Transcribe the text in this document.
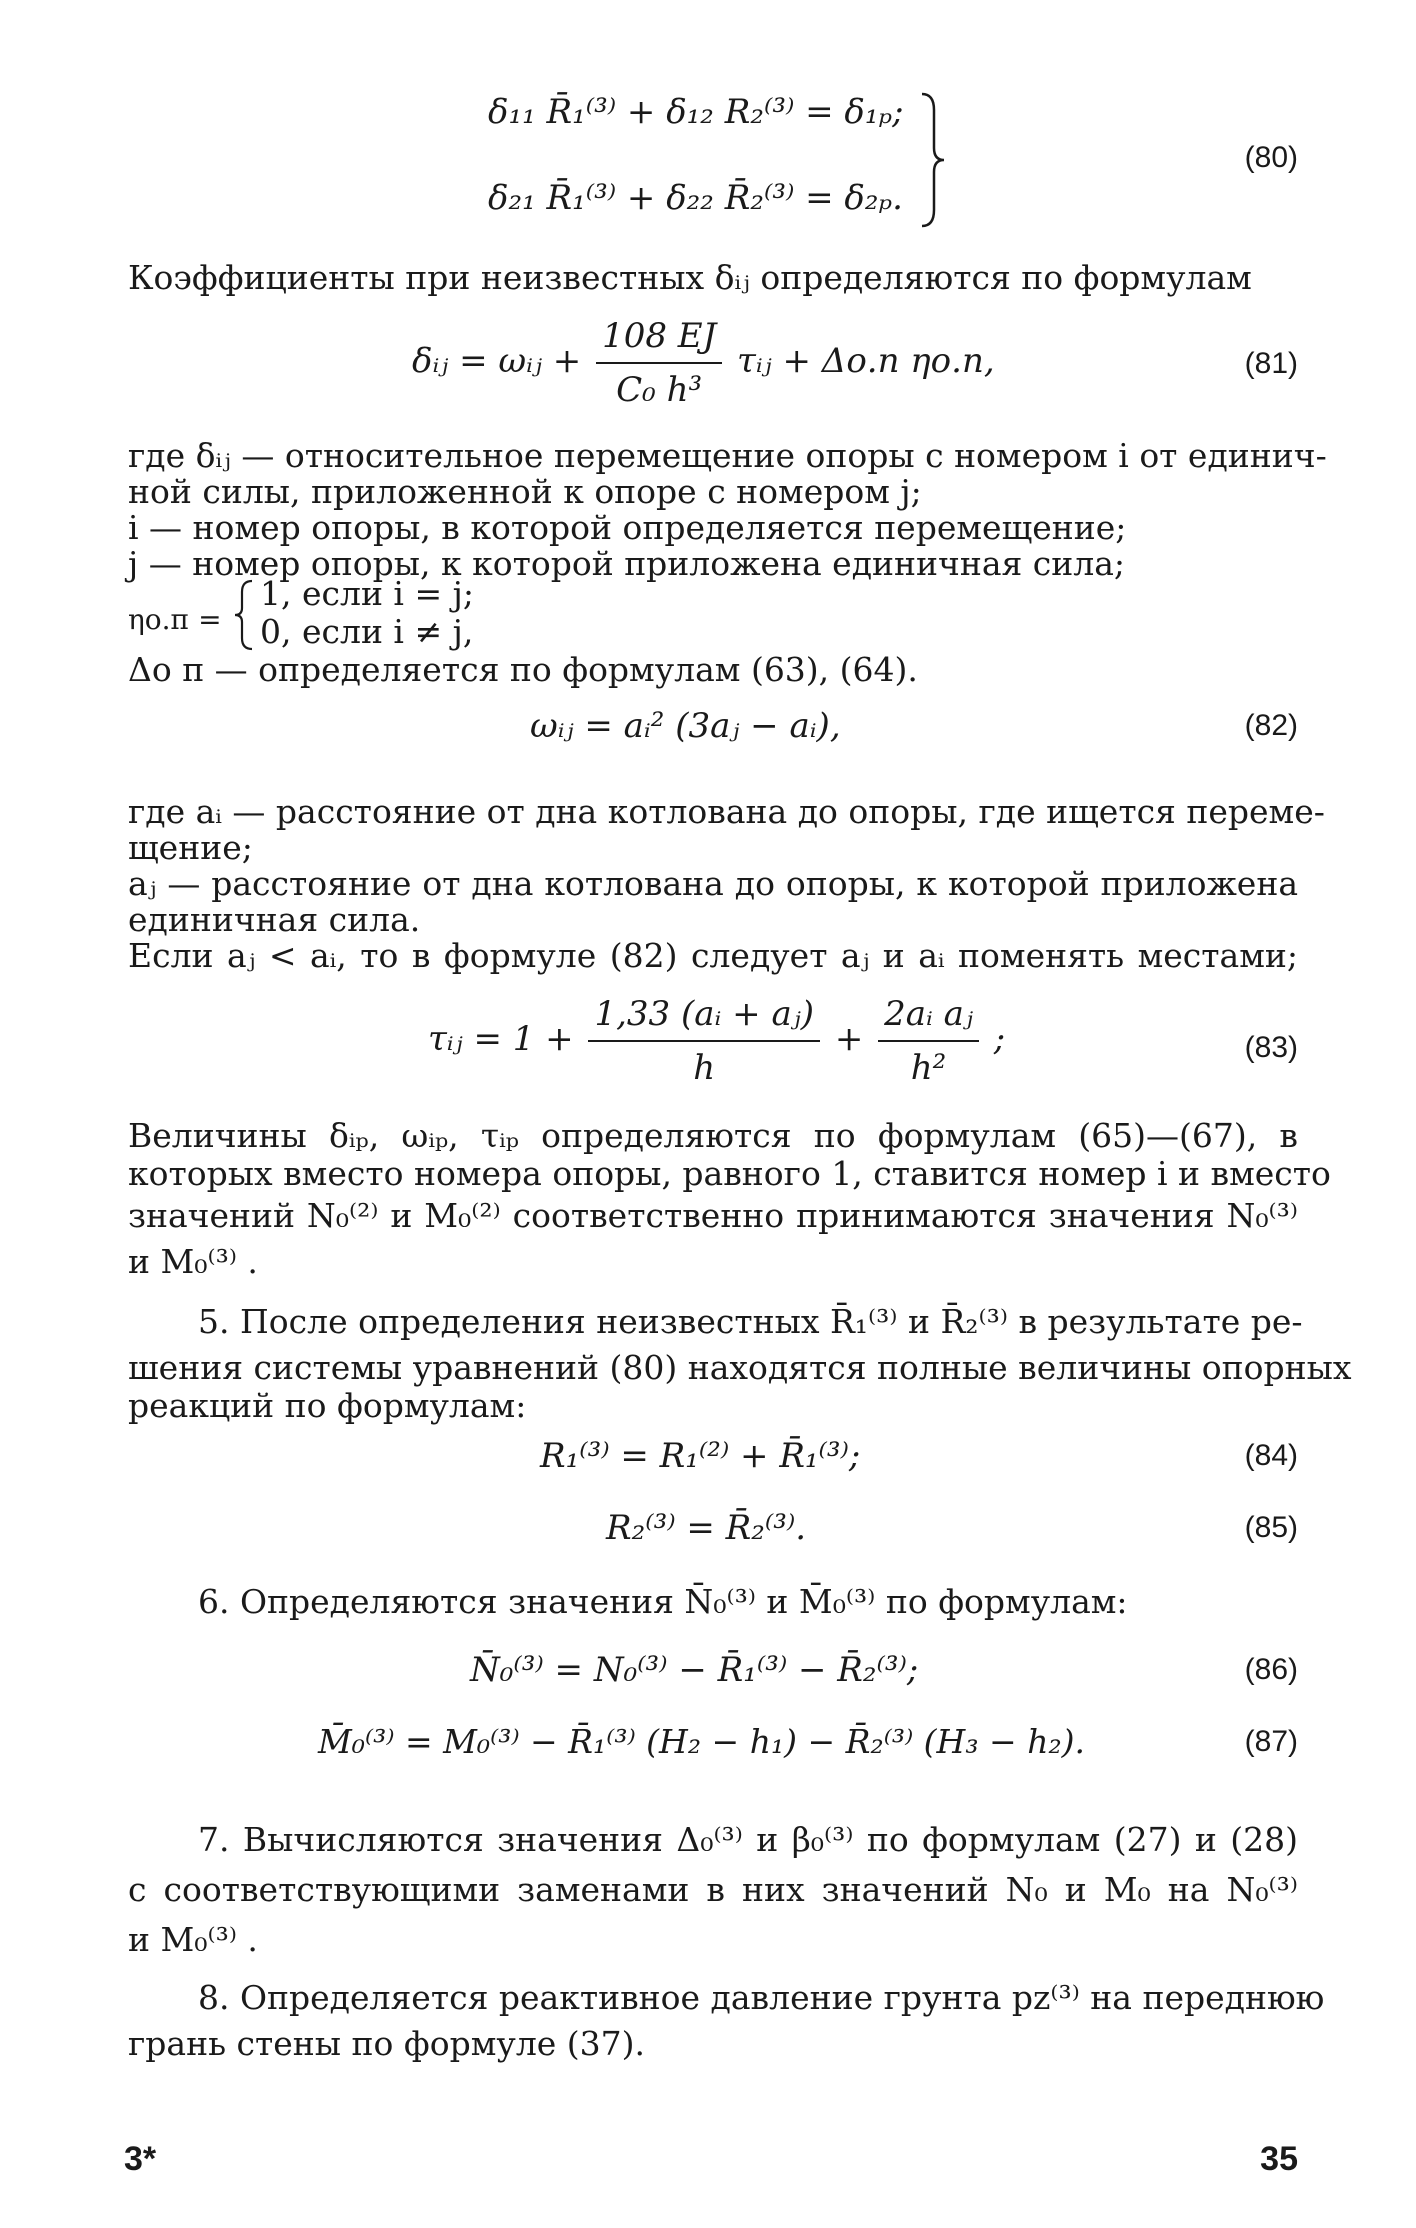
δ₁₁ R̄₁⁽³⁾ + δ₁₂ R₂⁽³⁾ = δ₁ₚ;
δ₂₁ R̄₁⁽³⁾ + δ₂₂ R̄₂⁽³⁾ = δ₂ₚ.
(80)
Коэффициенты при неизвестных δᵢⱼ определяются по формулам
δᵢⱼ = ωᵢⱼ + $\frac{108 EJ}{\text{C₀ h³}}$ τᵢⱼ + Δо.п ηо.п,	(81)
где δᵢⱼ — относительное перемещение опоры с номером i от единич-
ной силы, приложенной к опоре с номером j;
i — номер опоры, в которой определяется перемещение;
j — номер опоры, к которой приложена единичная сила;
ηо.п =
1, если i = j;
0, если i ≠ j,
Δо п — определяется по формулам (63), (64).
ωᵢⱼ = aᵢ² (3aⱼ − aᵢ),	(82)
где aᵢ — расстояние от дна котлована до опоры, где ищется переме-
щение;
aⱼ — расстояние от дна котлована до опоры, к которой приложена
единичная сила.
Если aⱼ < aᵢ, то в формуле (82) следует aⱼ и aᵢ поменять местами;
τᵢⱼ = $1 + \frac{\text{1,33 (aᵢ + aⱼ)}}{h} + \frac{\text{2aᵢ aⱼ}}{\text{h²}}$ ;	(83)
Величины δᵢₚ, ωᵢₚ, τᵢₚ определяются по формулам (65)—(67), в
которых вместо номера опоры, равного 1, ставится номер i и вместо
значений N₀⁽²⁾ и M₀⁽²⁾ соответственно принимаются значения N₀⁽³⁾
и M₀⁽³⁾ .
5. После определения неизвестных R̄₁⁽³⁾ и R̄₂⁽³⁾ в результате ре-
шения системы уравнений (80) находятся полные величины опорных
реакций по формулам:
R₁⁽³⁾ = R₁⁽²⁾ + R̄₁⁽³⁾;	(84)
R₂⁽³⁾ = R̄₂⁽³⁾.	(85)
6. Определяются значения N̄₀⁽³⁾ и M̄₀⁽³⁾ по формулам:
N̄₀⁽³⁾ = N₀⁽³⁾ − R̄₁⁽³⁾ − R̄₂⁽³⁾;	(86)
M̄₀⁽³⁾ = M₀⁽³⁾ − R̄₁⁽³⁾ (H₂ − h₁) − R̄₂⁽³⁾ (H₃ − h₂).	(87)
7. Вычисляются значения Δ₀⁽³⁾ и β₀⁽³⁾ по формулам (27) и (28)
с соответствующими заменами в них значений N₀ и M₀ на N₀⁽³⁾
и M₀⁽³⁾ .
8. Определяется реактивное давление грунта pz⁽³⁾ на переднюю
грань стены по формуле (37).
3*	35
